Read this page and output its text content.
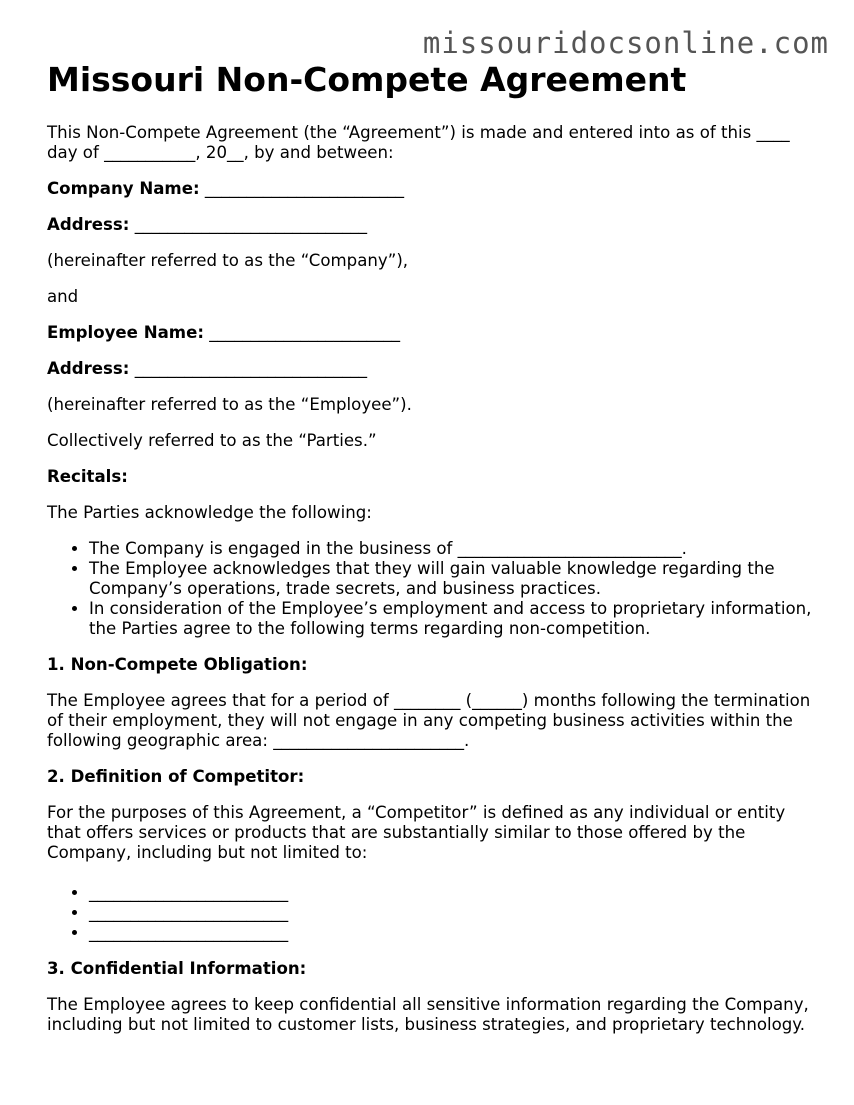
missouridocsonline.com
Missouri Non-Compete Agreement

This Non-Compete Agreement (the “Agreement”) is made and entered into as of this ____ day of ___________, 20__, by and between:

Company Name: ________________________

Address: ____________________________

(hereinafter referred to as the “Company”),

and

Employee Name: _______________________

Address: ____________________________

(hereinafter referred to as the “Employee”).

Collectively referred to as the “Parties.”

Recitals:

The Parties acknowledge the following:

• The Company is engaged in the business of ___________________________.
• The Employee acknowledges that they will gain valuable knowledge regarding the Company’s operations, trade secrets, and business practices.
• In consideration of the Employee’s employment and access to proprietary information, the Parties agree to the following terms regarding non-competition.

1. Non-Compete Obligation:

The Employee agrees that for a period of ________ (______) months following the termination of their employment, they will not engage in any competing business activities within the following geographic area: _______________________.

2. Definition of Competitor:

For the purposes of this Agreement, a “Competitor” is defined as any individual or entity that offers services or products that are substantially similar to those offered by the Company, including but not limited to:

• ________________________
• ________________________
• ________________________

3. Confidential Information:

The Employee agrees to keep confidential all sensitive information regarding the Company, including but not limited to customer lists, business strategies, and proprietary technology.
